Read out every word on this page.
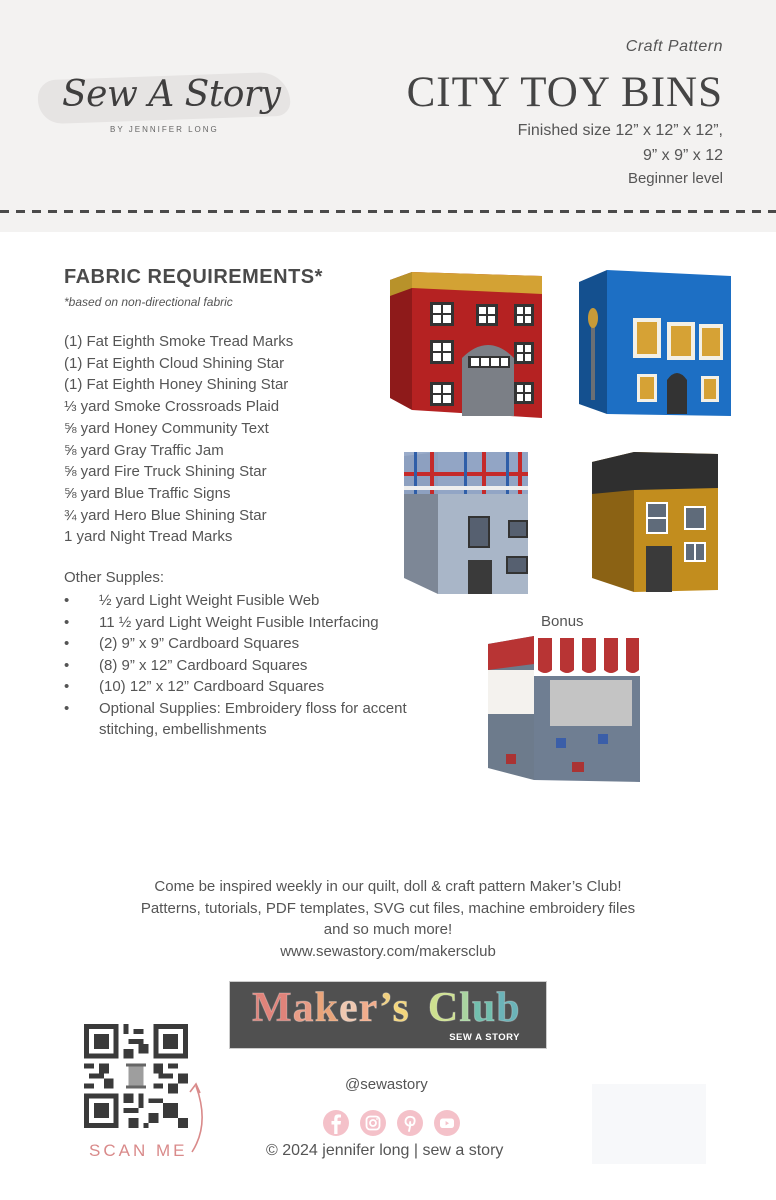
Sew A Story
BY JENNIFER LONG
Craft Pattern
CITY TOY BINS
Finished size 12” x 12” x 12”,
9” x 9” x 12
Beginner level
FABRIC REQUIREMENTS*
*based on non-directional fabric
(1) Fat Eighth Smoke Tread Marks
(1) Fat Eighth Cloud Shining Star
(1) Fat Eighth Honey Shining Star
⅓ yard Smoke Crossroads Plaid
⅝ yard Honey Community Text
⅝ yard Gray Traffic Jam
⅝ yard Fire Truck Shining Star
⅝ yard Blue Traffic Signs
¾ yard Hero Blue Shining Star
1 yard Night Tread Marks
Other Supples:
• ½ yard Light Weight Fusible Web
• 11 ½ yard Light Weight Fusible Interfacing
• (2) 9” x 9” Cardboard Squares
• (8) 9” x 12” Cardboard Squares
• (10) 12” x 12” Cardboard Squares
• Optional Supplies: Embroidery floss for accent stitching, embellishments
Bonus
Come be inspired weekly in our quilt, doll & craft pattern Maker’s Club! Patterns, tutorials, PDF templates, SVG cut files, machine embroidery files and so much more!
www.sewastory.com/makersclub
Maker’s Club
SEW A STORY
SCAN ME
@sewastory
© 2024 jennifer long | sew a story
